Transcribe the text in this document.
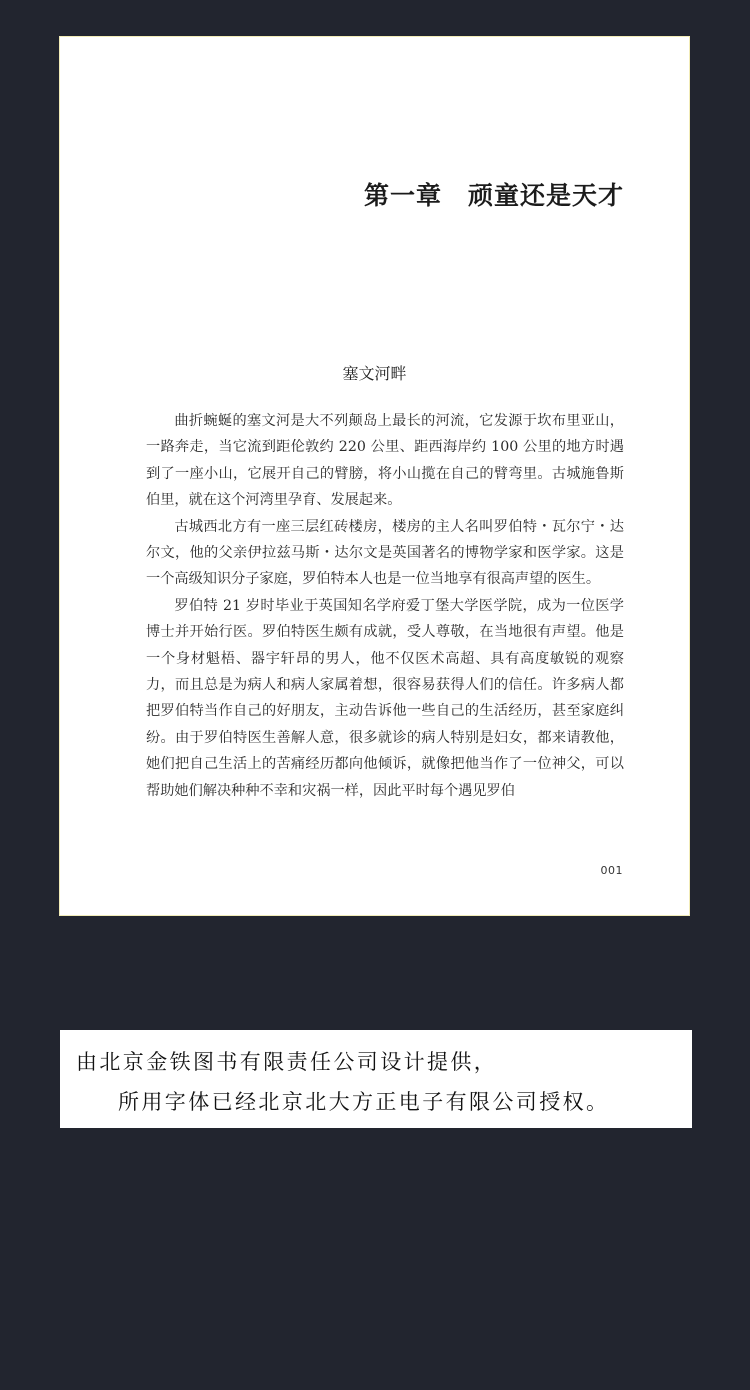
第一章　顽童还是天才
塞文河畔

曲折蜿蜒的塞文河是大不列颠岛上最长的河流，它发源于坎布里亚山，一路奔走，当它流到距伦敦约 220 公里、距西海岸约 100 公里的地方时遇到了一座小山，它展开自己的臂膀，将小山揽在自己的臂弯里。古城施鲁斯伯里，就在这个河湾里孕育、发展起来。

古城西北方有一座三层红砖楼房，楼房的主人名叫罗伯特・瓦尔宁・达尔文，他的父亲伊拉兹马斯・达尔文是英国著名的博物学家和医学家。这是一个高级知识分子家庭，罗伯特本人也是一位当地享有很高声望的医生。

罗伯特 21 岁时毕业于英国知名学府爱丁堡大学医学院，成为一位医学博士并开始行医。罗伯特医生颇有成就，受人尊敬，在当地很有声望。他是一个身材魁梧、器宇轩昂的男人，他不仅医术高超、具有高度敏锐的观察力，而且总是为病人和病人家属着想，很容易获得人们的信任。许多病人都把罗伯特当作自己的好朋友，主动告诉他一些自己的生活经历，甚至家庭纠纷。由于罗伯特医生善解人意，很多就诊的病人特别是妇女，都来请教他，她们把自己生活上的苦痛经历都向他倾诉，就像把他当作了一位神父，可以帮助她们解决种种不幸和灾祸一样，因此平时每个遇见罗伯

001
由北京金铁图书有限责任公司设计提供，
所用字体已经北京北大方正电子有限公司授权。
